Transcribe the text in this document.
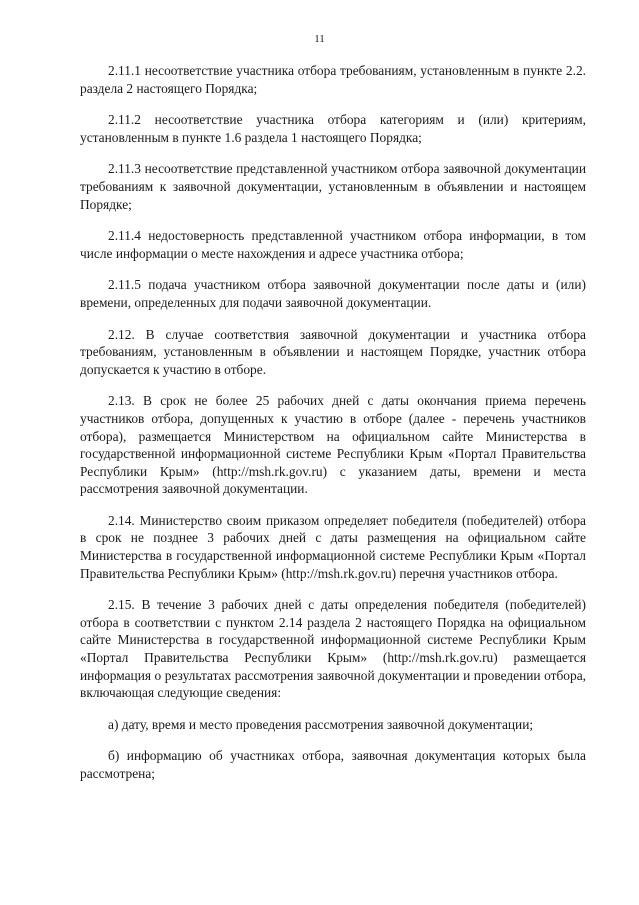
11

2.11.1 несоответствие участника отбора требованиям, установленным в пункте 2.2. раздела 2 настоящего Порядка;

2.11.2 несоответствие участника отбора категориям и (или) критериям, установленным в пункте 1.6 раздела 1 настоящего Порядка;

2.11.3 несоответствие представленной участником отбора заявочной документации требованиям к заявочной документации, установленным в объявлении и настоящем Порядке;

2.11.4 недостоверность представленной участником отбора информации, в том числе информации о месте нахождения и адресе участника отбора;

2.11.5 подача участником отбора заявочной документации после даты и (или) времени, определенных для подачи заявочной документации.

2.12. В случае соответствия заявочной документации и участника отбора требованиям, установленным в объявлении и настоящем Порядке, участник отбора допускается к участию в отборе.

2.13. В срок не более 25 рабочих дней с даты окончания приема перечень участников отбора, допущенных к участию в отборе (далее - перечень участников отбора), размещается Министерством на официальном сайте Министерства в государственной информационной системе Республики Крым «Портал Правительства Республики Крым» (http://msh.rk.gov.ru) с указанием даты, времени и места рассмотрения заявочной документации.

2.14. Министерство своим приказом определяет победителя (победителей) отбора в срок не позднее 3 рабочих дней с даты размещения на официальном сайте Министерства в государственной информационной системе Республики Крым «Портал Правительства Республики Крым» (http://msh.rk.gov.ru) перечня участников отбора.

2.15. В течение 3 рабочих дней с даты определения победителя (победителей) отбора в соответствии с пунктом 2.14 раздела 2 настоящего Порядка на официальном сайте Министерства в государственной информационной системе Республики Крым «Портал Правительства Республики Крым» (http://msh.rk.gov.ru) размещается информация о результатах рассмотрения заявочной документации и проведении отбора, включающая следующие сведения:

а) дату, время и место проведения рассмотрения заявочной документации;

б) информацию об участниках отбора, заявочная документация которых была рассмотрена;
